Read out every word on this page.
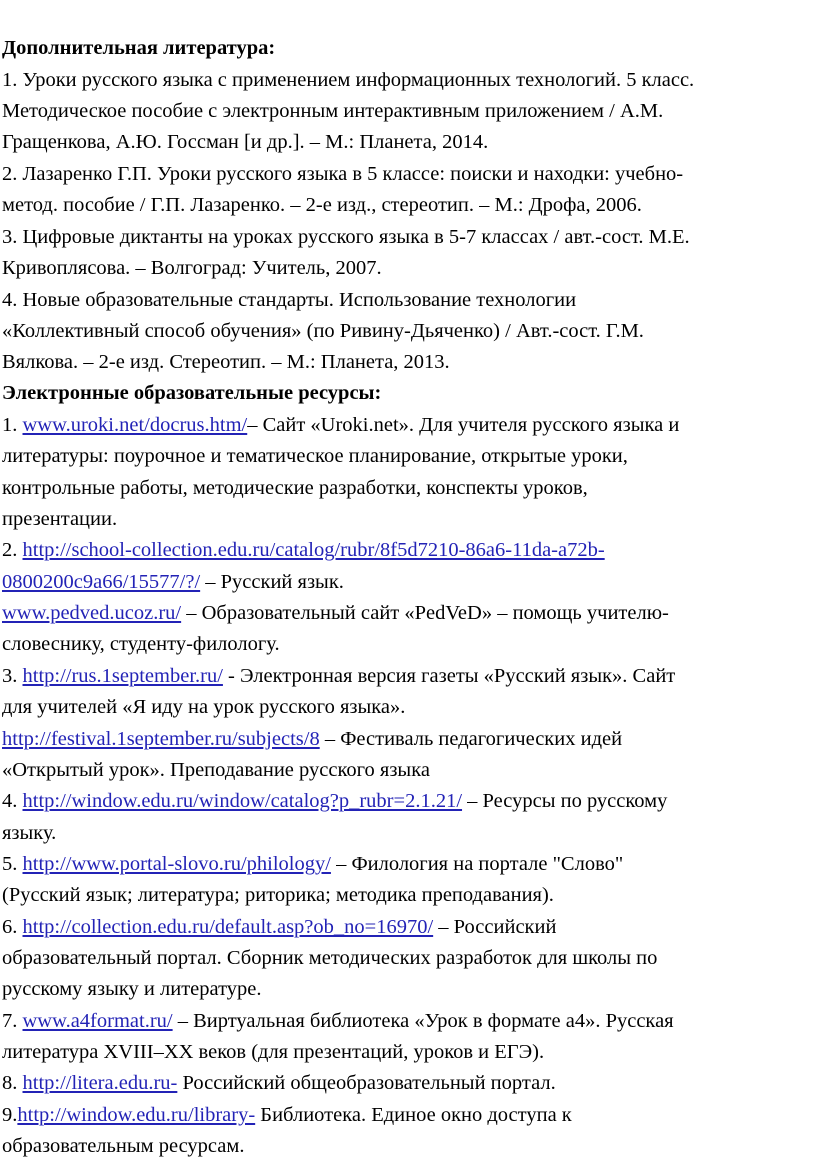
Дополнительная литература:
1. Уроки русского языка с применением информационных технологий. 5 класс.
Методическое пособие с электронным интерактивным приложением / А.М.
Гращенкова, А.Ю. Госсман [и др.]. – М.: Планета, 2014.
2. Лазаренко Г.П. Уроки русского языка в 5 классе: поиски и находки: учебно-
метод. пособие / Г.П. Лазаренко. – 2-е изд., стереотип. – М.: Дрофа, 2006.
3. Цифровые диктанты на уроках русского языка в 5-7 классах / авт.-сост. М.Е.
Кривоплясова. – Волгоград: Учитель, 2007.
4. Новые образовательные стандарты. Использование технологии
«Коллективный способ обучения» (по Ривину-Дьяченко) / Авт.-сост. Г.М.
Вялкова. – 2-е изд. Стереотип. – М.: Планета, 2013.
Электронные образовательные ресурсы:
1. www.uroki.net/docrus.htm/– Сайт «Uroki.net». Для учителя русского языка и
литературы: поурочное и тематическое планирование, открытые уроки,
контрольные работы, методические разработки, конспекты уроков,
презентации.
2. http://school-collection.edu.ru/catalog/rubr/8f5d7210-86a6-11da-a72b-
0800200c9a66/15577/?/ – Русский язык.
www.pedved.ucoz.ru/ – Образовательный сайт «PedVeD» – помощь учителю-
словеснику, студенту-филологу.
3. http://rus.1september.ru/ - Электронная версия газеты «Русский язык». Сайт
для учителей «Я иду на урок русского языка».
http://festival.1september.ru/subjects/8 – Фестиваль педагогических идей
«Открытый урок». Преподавание русского языка
4. http://window.edu.ru/window/catalog?p_rubr=2.1.21/ – Ресурсы по русскому
языку.
5. http://www.portal-slovo.ru/philology/ – Филология на портале "Слово"
(Русский язык; литература; риторика; методика преподавания).
6. http://collection.edu.ru/default.asp?ob_no=16970/ – Российский
образовательный портал. Сборник методических разработок для школы по
русскому языку и литературе.
7. www.a4format.ru/ – Виртуальная библиотека «Урок в формате а4». Русская
литература XVIII–XX веков (для презентаций, уроков и ЕГЭ).
8. http://litera.edu.ru- Российский общеобразовательный портал.
9.http://window.edu.ru/library- Библиотека. Единое окно доступа к
образовательным ресурсам.
